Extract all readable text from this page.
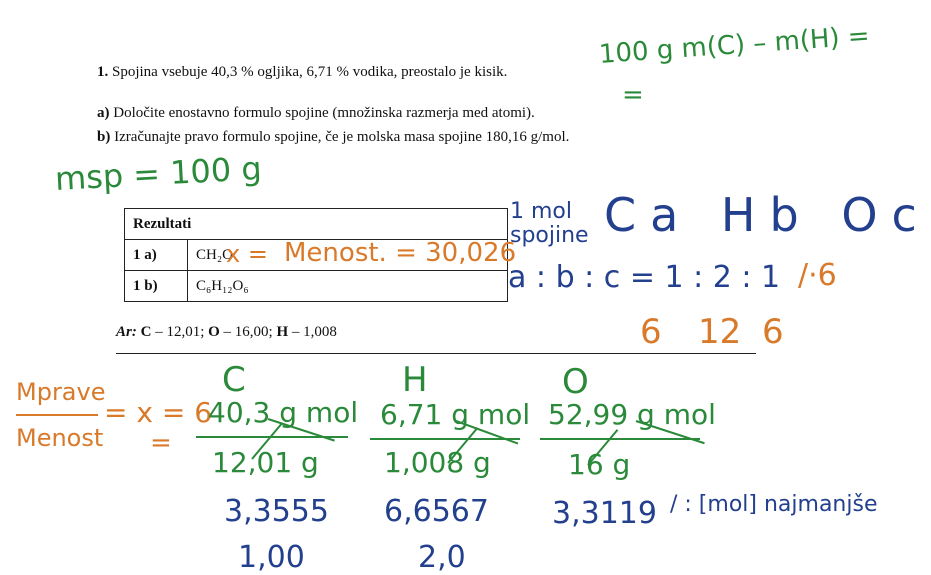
1. Spojina vsebuje 40,3 % ogljika, 6,71 % vodika, preostalo je kisik.
a) Določite enostavno formulo spojine (množinska razmerja med atomi).
b) Izračunajte pravo formulo spojine, če je molska masa spojine 180,16 g/mol.
Rezultati	
1 a)	CH₂O
1 b)	C₆H₁₂O₆
Ar: C – 12,01; O – 16,00; H – 1,008
100 g m(C) – m(H) =
=
msp = 100 g
x = Menost. = 30,026
1 mol spojine Ca Hb Oc
a : b : c = 1 : 2 : 1 /·6
6 12 6
Mprave
Menost
= x = 6
=
C	H	O
40,3 g mol 6,71 g mol 52,99 g mol
12,01 g 1,008 g	16 g
3,3555 6,6567 3,3119 / : [mol] najmanjše
1,00	2,0
